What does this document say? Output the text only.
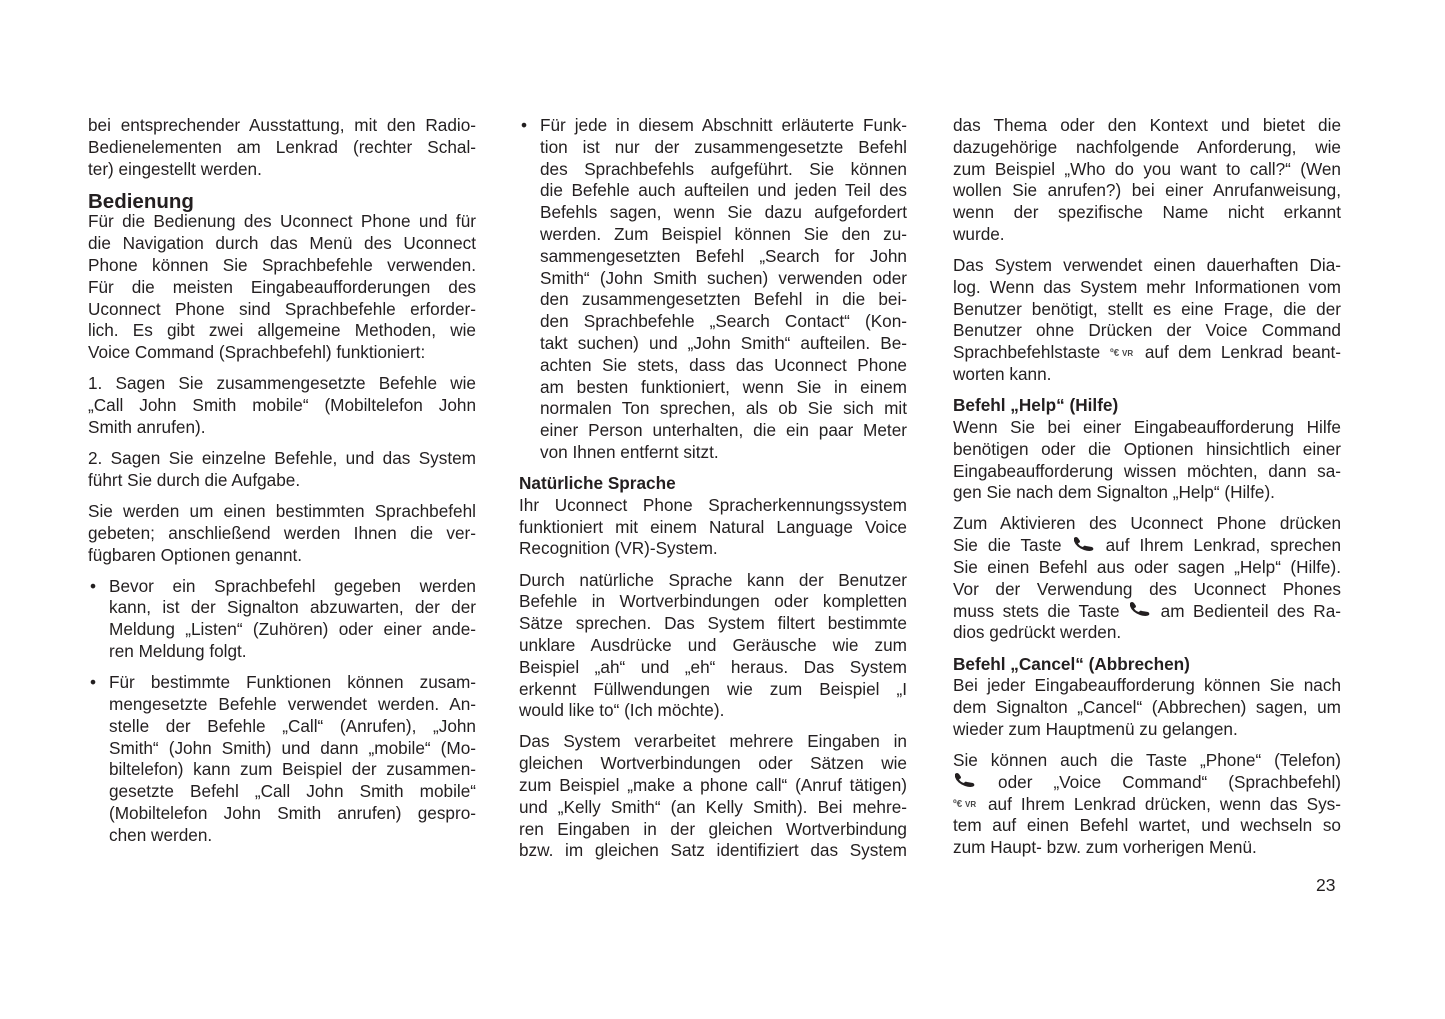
bei entsprechender Ausstattung, mit den Radio-
Bedienelementen am Lenkrad (rechter Schal-
ter) eingestellt werden.
Bedienung
Für die Bedienung des Uconnect Phone und für
die Navigation durch das Menü des Uconnect
Phone können Sie Sprachbefehle verwenden.
Für die meisten Eingabeaufforderungen des
Uconnect Phone sind Sprachbefehle erforder-
lich. Es gibt zwei allgemeine Methoden, wie
Voice Command (Sprachbefehl) funktioniert:
1. Sagen Sie zusammengesetzte Befehle wie
„Call John Smith mobile“ (Mobiltelefon John
Smith anrufen).
2. Sagen Sie einzelne Befehle, und das System
führt Sie durch die Aufgabe.
Sie werden um einen bestimmten Sprachbefehl
gebeten; anschließend werden Ihnen die ver-
fügbaren Optionen genannt.
• Bevor ein Sprachbefehl gegeben werden
kann, ist der Signalton abzuwarten, der der
Meldung „Listen“ (Zuhören) oder einer ande-
ren Meldung folgt.
• Für bestimmte Funktionen können zusam-
mengesetzte Befehle verwendet werden. An-
stelle der Befehle „Call“ (Anrufen), „John
Smith“ (John Smith) und dann „mobile“ (Mo-
biltelefon) kann zum Beispiel der zusammen-
gesetzte Befehl „Call John Smith mobile“
(Mobiltelefon John Smith anrufen) gespro-
chen werden.
• Für jede in diesem Abschnitt erläuterte Funk-
tion ist nur der zusammengesetzte Befehl
des Sprachbefehls aufgeführt. Sie können
die Befehle auch aufteilen und jeden Teil des
Befehls sagen, wenn Sie dazu aufgefordert
werden. Zum Beispiel können Sie den zu-
sammengesetzten Befehl „Search for John
Smith“ (John Smith suchen) verwenden oder
den zusammengesetzten Befehl in die bei-
den Sprachbefehle „Search Contact“ (Kon-
takt suchen) und „John Smith“ aufteilen. Be-
achten Sie stets, dass das Uconnect Phone
am besten funktioniert, wenn Sie in einem
normalen Ton sprechen, als ob Sie sich mit
einer Person unterhalten, die ein paar Meter
von Ihnen entfernt sitzt.
Natürliche Sprache
Ihr Uconnect Phone Spracherkennungssystem
funktioniert mit einem Natural Language Voice
Recognition (VR)-System.
Durch natürliche Sprache kann der Benutzer
Befehle in Wortverbindungen oder kompletten
Sätze sprechen. Das System filtert bestimmte
unklare Ausdrücke und Geräusche wie zum
Beispiel „ah“ und „eh“ heraus. Das System
erkennt Füllwendungen wie zum Beispiel „I
would like to“ (Ich möchte).
Das System verarbeitet mehrere Eingaben in
gleichen Wortverbindungen oder Sätzen wie
zum Beispiel „make a phone call“ (Anruf tätigen)
und „Kelly Smith“ (an Kelly Smith). Bei mehre-
ren Eingaben in der gleichen Wortverbindung
bzw. im gleichen Satz identifiziert das System
das Thema oder den Kontext und bietet die
dazugehörige nachfolgende Anforderung, wie
zum Beispiel „Who do you want to call?“ (Wen
wollen Sie anrufen?) bei einer Anrufanweisung,
wenn der spezifische Name nicht erkannt
wurde.
Das System verwendet einen dauerhaften Dia-
log. Wenn das System mehr Informationen vom
Benutzer benötigt, stellt es eine Frage, die der
Benutzer ohne Drücken der Voice Command
Sprachbefehlstaste º€ VR auf dem Lenkrad beant-
worten kann.
Befehl „Help“ (Hilfe)
Wenn Sie bei einer Eingabeaufforderung Hilfe
benötigen oder die Optionen hinsichtlich einer
Eingabeaufforderung wissen möchten, dann sa-
gen Sie nach dem Signalton „Help“ (Hilfe).
Zum Aktivieren des Uconnect Phone drücken
Sie die Taste	auf Ihrem Lenkrad, sprechen
Sie einen Befehl aus oder sagen „Help“ (Hilfe).
Vor der Verwendung des Uconnect Phones
muss stets die Taste am Bedienteil des Ra-
dios gedrückt werden.
Befehl „Cancel“ (Abbrechen)
Bei jeder Eingabeaufforderung können Sie nach
dem Signalton „Cancel“ (Abbrechen) sagen, um
wieder zum Hauptmenü zu gelangen.
Sie können auch die Taste „Phone“ (Telefon)
oder „Voice Command“ (Sprachbefehl)
º€ VR auf Ihrem Lenkrad drücken, wenn das Sys-
tem auf einen Befehl wartet, und wechseln so
zum Haupt- bzw. zum vorherigen Menü.
23
